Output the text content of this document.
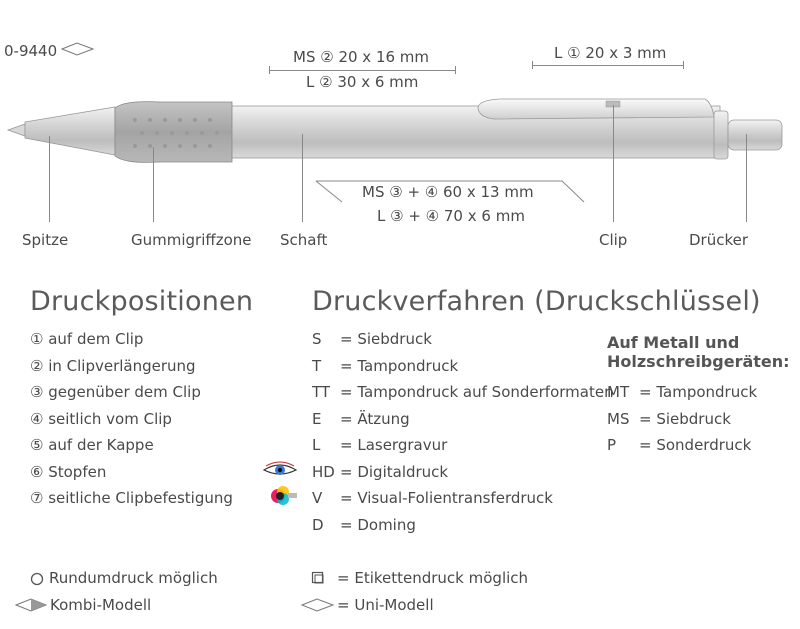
0-9440	MS ② 20 x 16 mm
L ② 30 x 6 mm
L ① 20 x 3 mm
MS ③ + ④ 60 x 13 mm
L ③ + ④ 70 x 6 mm
Spitze	Gummigriffzone Schaft	Clip	Drücker
Druckpositionen
① auf dem Clip
② in Clipverlängerung
③ gegenüber dem Clip
④ seitlich vom Clip
⑤ auf der Kappe
⑥ Stopfen
⑦ seitliche Clipbefestigung
Druckverfahren (Druckschlüssel)
S = Siebdruck
T = Tampondruck
TT = Tampondruck auf Sonderformaten
E = Ätzung
L = Lasergravur
HD = Digitaldruck
V = Visual-Folientransferdruck
D = Doming
Auf Metall und
Holzschreibgeräten:
MT = Tampondruck
MS = Siebdruck
P = Sonderdruck
Rundumdruck möglich
Kombi-Modell
= Etikettendruck möglich
= Uni-Modell
